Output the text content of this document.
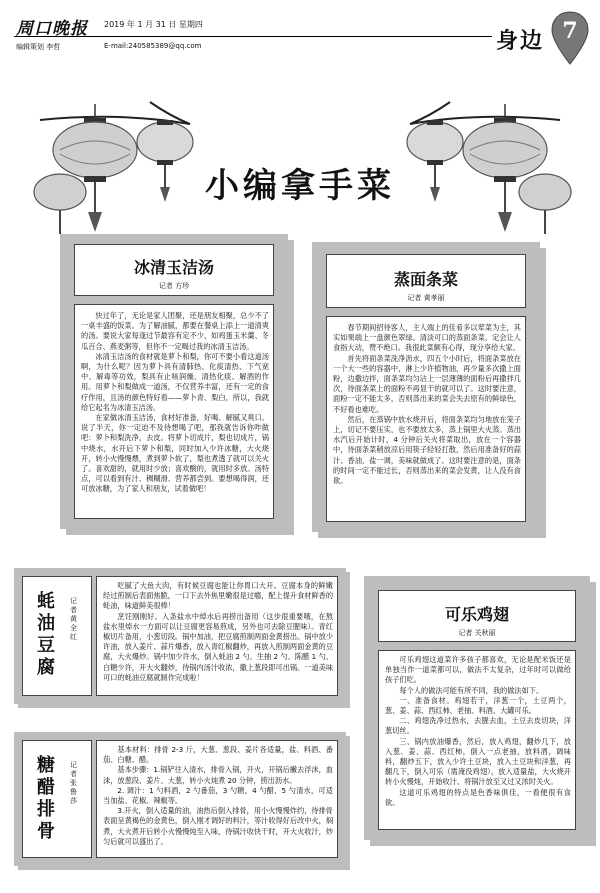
周口晚报 2019 年 1 月 31 日 星期四
编辑策划 李哲	E-mail:240585389@qq.com	身边 7
小编拿手菜
冰清玉洁汤
记者 方珍

快过年了，无论是家人团聚，还是朋友相聚，总少不了一桌丰盛的饭菜。为了解油腻，都要在餐桌上添上一道清爽的汤。要说大家每逢过节最容有定不少，如鸡蛋玉米羹、冬瓜百合、燕麦粥等，但你不一定喝过我的冰清玉洁汤。

冰清玉洁汤的食材就是萝卜和梨，你可不要小看这道汤啊，为什么呢？因为萝卜具有清肺热、化痰清热、下气宽中、解毒等功效，梨具有止咳润燥、清热化痰、解酒的作用。用萝卜和梨做成一道汤，不仅营养丰富，还有一定的食疗作用，且汤的颜色特好看——萝卜青、梨白，所以，我就给它起名为冰清玉洁汤。

在家做冰清玉洁汤，食材好准备，好喝、解腻又爽口。说了半天，你一定迫不及待想喝了吧，那我就告诉你咋做吧：萝卜和梨洗净，去皮。将萝卜切成片，梨也切成片，锅中烧水，水开后下萝卜和梨，同时加入少许冰糖，大火烧开，转小火慢慢煨，煮到萝卜软了，梨也煮透了就可以关火了。喜欢甜的，就用时少放；喜欢酸的，就用时多放。汤特点，可以看到有汁、稠糊滑、营养都尝到。要想喝得润，还可放冰糖，为了家人和朋友，试着做吧！

蒸面条菜
记者 黄孝丽

春节期间招待客人，主人端上的佳肴多以荤菜为主，其实如果端上一盘颜色翠绿、清淡可口的蒸面条菜，定会让人食指大动，赞不绝口。我很此菜颇有心得，现分享给大家。

首先将面条菜洗净沥水，四五个小时后，将面条菜放在一个大一些的容器中，淋上少许植物油，再少量多次撒上面粉，边撒边拌，面条菜均匀沾上一层薄薄的面粉后再撒拌几次，待面条菜上的面粉不再显干的就可以了。这时要注意，面粉一定不能太多，否则蒸出来的菜会失去原有的鲜绿色，不好看也难吃。

然后，在蒸锅中放水烧开后，将面条菜均匀地放在笼子上，切记不要压实，也不要放太多，蒸上锅里大火蒸。蒸出水汽后开始计时，4 分钟后关火将菜取出，放在一个容器中，待面条菜稍放凉后用筷子轻轻打散，然后用准备好的蒜汁、香油、盐一调，美味就做成了。这时要注意的是，面条的时间一定不能过长，否则蒸出来的菜会发黄，让人没有食欲。

蚝油豆腐
记者 黄全红

吃腻了大鱼大肉，有时候豆腐也能让你胃口大开。豆腐本身的鲜嫩经过煎制后表面焦脆，一口下去外焦里嫩很是过瘾，配上提升食材鲜香的蚝油，味道鲜美很棒！

烹饪刚刚好。入条盐水中焯水后再捞出备用（这步很重要哦，在熬盐水里焯水一方面可以让豆腐更容易煎成，另外也可去除豆腥味）。青红椒切片备用，小葱切段。锅中加油，把豆腐煎制两面金黄捞出。锅中放少许油，放入姜片、蒜片爆香，放入青红椒翻炒，再放入煎制两面金黄的豆腐，大火爆炒。锅中加少许水，倒入蚝油 2 勺、生抽 2 勺、陈醋 1 勺、白糖少许，开大火翻炒，待锅内汤汁收浓，撒上葱段即可出锅。一道美味可口的蚝油豆腐就制作完成啦！

可乐鸡翅
记者 关秋丽

可乐鸡翅这道菜许多孩子都喜欢，无论是配米饭还是单独当作一道菜都可以，做法不太复杂，过年时可以做给孩子们吃。

每个人的做法可能有所不同，我的做法如下。

一、准备食材。鸡翅若干，洋葱一个，土豆两个，葱、姜、蒜、西红柿、老抽、料酒、大罐可乐。

二、鸡翅洗净过热水，去腥去血，土豆去皮切块，洋葱切丝。

三、锅内放油爆香，然后，放入鸡翅，翻炒几下，放入葱、姜、蒜、西红柿，倒入一点老抽，放料酒，调味料，翻炒五下，放入少许土豆块，放入土豆块和洋葱，再翻几下，倒入可乐（需淹没鸡翅），放入适量盐，大火烧开转小火慢炖，开始收汁。将锅汁放至又过又浓时关火。

这道可乐鸡翅的特点是色香味俱佳，一看便很有食欲。

糖醋排骨
记者 张鲁莎

基本材料：排骨 2-3 斤，大葱、葱段、姜片各适量，盐、料酒、番茄、白糖、醋。

基本步骤：1.锅铲往入清水，排骨入锅，开火，开锅后撇去浮沫，血沫，放葱段、姜片、大葱，转小火炖煮 20 分钟，捞出沥水。

2. 调汁：1 勺料酒，2 勺番茄，3 勺糖，4 勺醋，5 勺清水，可适当加盐、花椒、辣椒等。

3.开火，倒入适量的油，油热后倒入排骨，用小火慢慢炸约，待排骨表面呈黄褐色的金黄色，倒入刚才调好的料汁，等汁收得好后改中火，焖煮，大火煮开后转小火慢慢炖至入味，待锅汁收快干时，开大火收汁，炒匀后就可以盛出了。
